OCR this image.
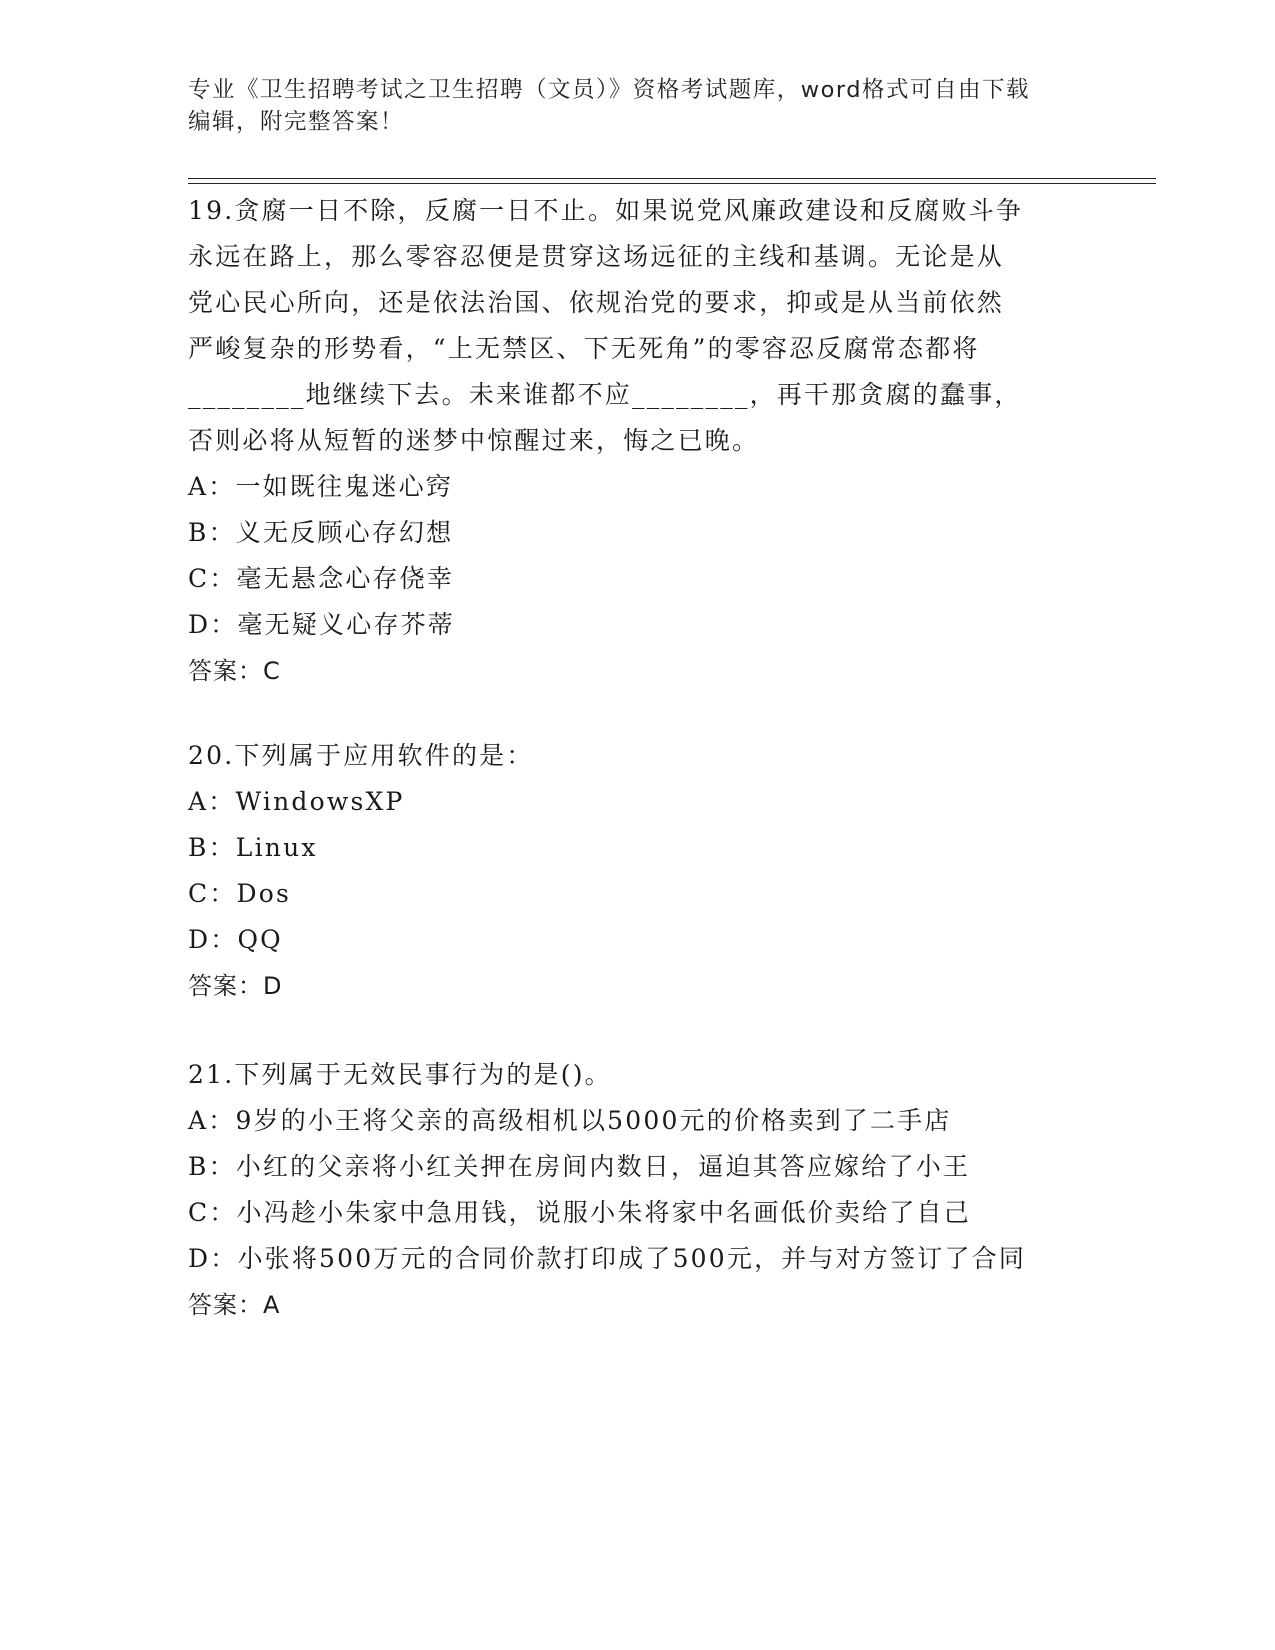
专业《卫生招聘考试之卫生招聘（文员）》资格考试题库，word格式可自由下载
编辑，附完整答案！

19.贪腐一日不除，反腐一日不止。如果说党风廉政建设和反腐败斗争

永远在路上，那么零容忍便是贯穿这场远征的主线和基调。无论是从

党心民心所向，还是依法治国、依规治党的要求，抑或是从当前依然

严峻复杂的形势看，“上无禁区、下无死角”的零容忍反腐常态都将

________地继续下去。未来谁都不应________，再干那贪腐的蠢事，

否则必将从短暂的迷梦中惊醒过来，悔之已晚。

A：一如既往鬼迷心窍

B：义无反顾心存幻想

C：毫无悬念心存侥幸

D：毫无疑义心存芥蒂

答案：C

20.下列属于应用软件的是：

A：WindowsXP

B：Linux

C：Dos

D：QQ

答案：D

21.下列属于无效民事行为的是()。

A：9岁的小王将父亲的高级相机以5000元的价格卖到了二手店

B：小红的父亲将小红关押在房间内数日，逼迫其答应嫁给了小王

C：小冯趁小朱家中急用钱，说服小朱将家中名画低价卖给了自己

D：小张将500万元的合同价款打印成了500元，并与对方签订了合同

答案：A
